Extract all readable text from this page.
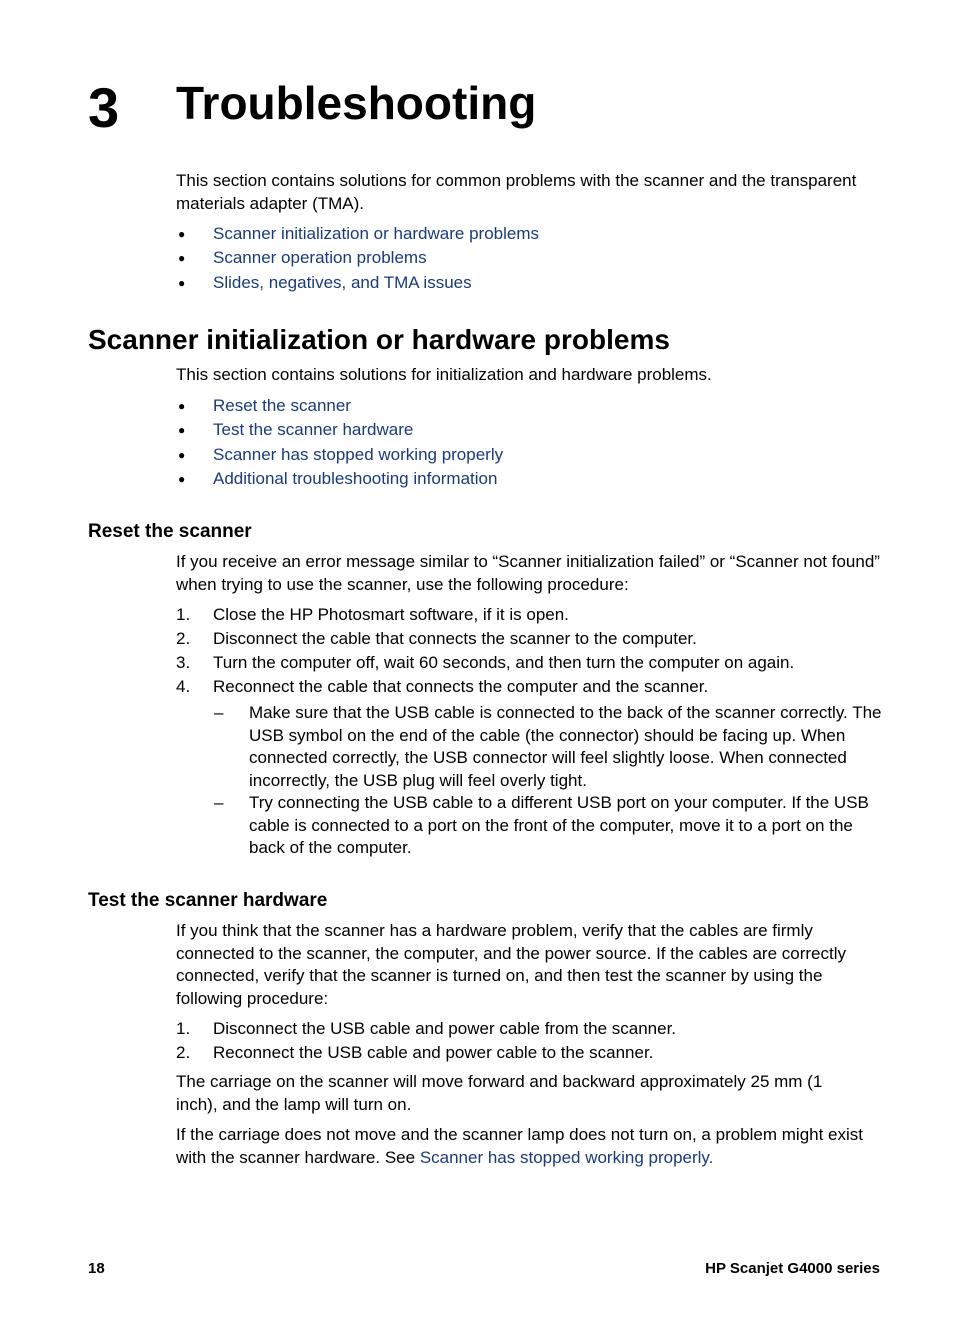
3 Troubleshooting
This section contains solutions for common problems with the scanner and the transparent materials adapter (TMA).
● Scanner initialization or hardware problems
● Scanner operation problems
● Slides, negatives, and TMA issues
Scanner initialization or hardware problems
This section contains solutions for initialization and hardware problems.
● Reset the scanner
● Test the scanner hardware
● Scanner has stopped working properly
● Additional troubleshooting information
Reset the scanner
If you receive an error message similar to “Scanner initialization failed” or “Scanner not found” when trying to use the scanner, use the following procedure:
1. Close the HP Photosmart software, if it is open.
2. Disconnect the cable that connects the scanner to the computer.
3. Turn the computer off, wait 60 seconds, and then turn the computer on again.
4. Reconnect the cable that connects the computer and the scanner.
– Make sure that the USB cable is connected to the back of the scanner correctly. The USB symbol on the end of the cable (the connector) should be facing up. When connected correctly, the USB connector will feel slightly loose. When connected incorrectly, the USB plug will feel overly tight.
– Try connecting the USB cable to a different USB port on your computer. If the USB cable is connected to a port on the front of the computer, move it to a port on the back of the computer.
Test the scanner hardware
If you think that the scanner has a hardware problem, verify that the cables are firmly connected to the scanner, the computer, and the power source. If the cables are correctly connected, verify that the scanner is turned on, and then test the scanner by using the following procedure:
1. Disconnect the USB cable and power cable from the scanner.
2. Reconnect the USB cable and power cable to the scanner.
The carriage on the scanner will move forward and backward approximately 25 mm (1 inch), and the lamp will turn on.
If the carriage does not move and the scanner lamp does not turn on, a problem might exist with the scanner hardware. See Scanner has stopped working properly.
18	HP Scanjet G4000 series
